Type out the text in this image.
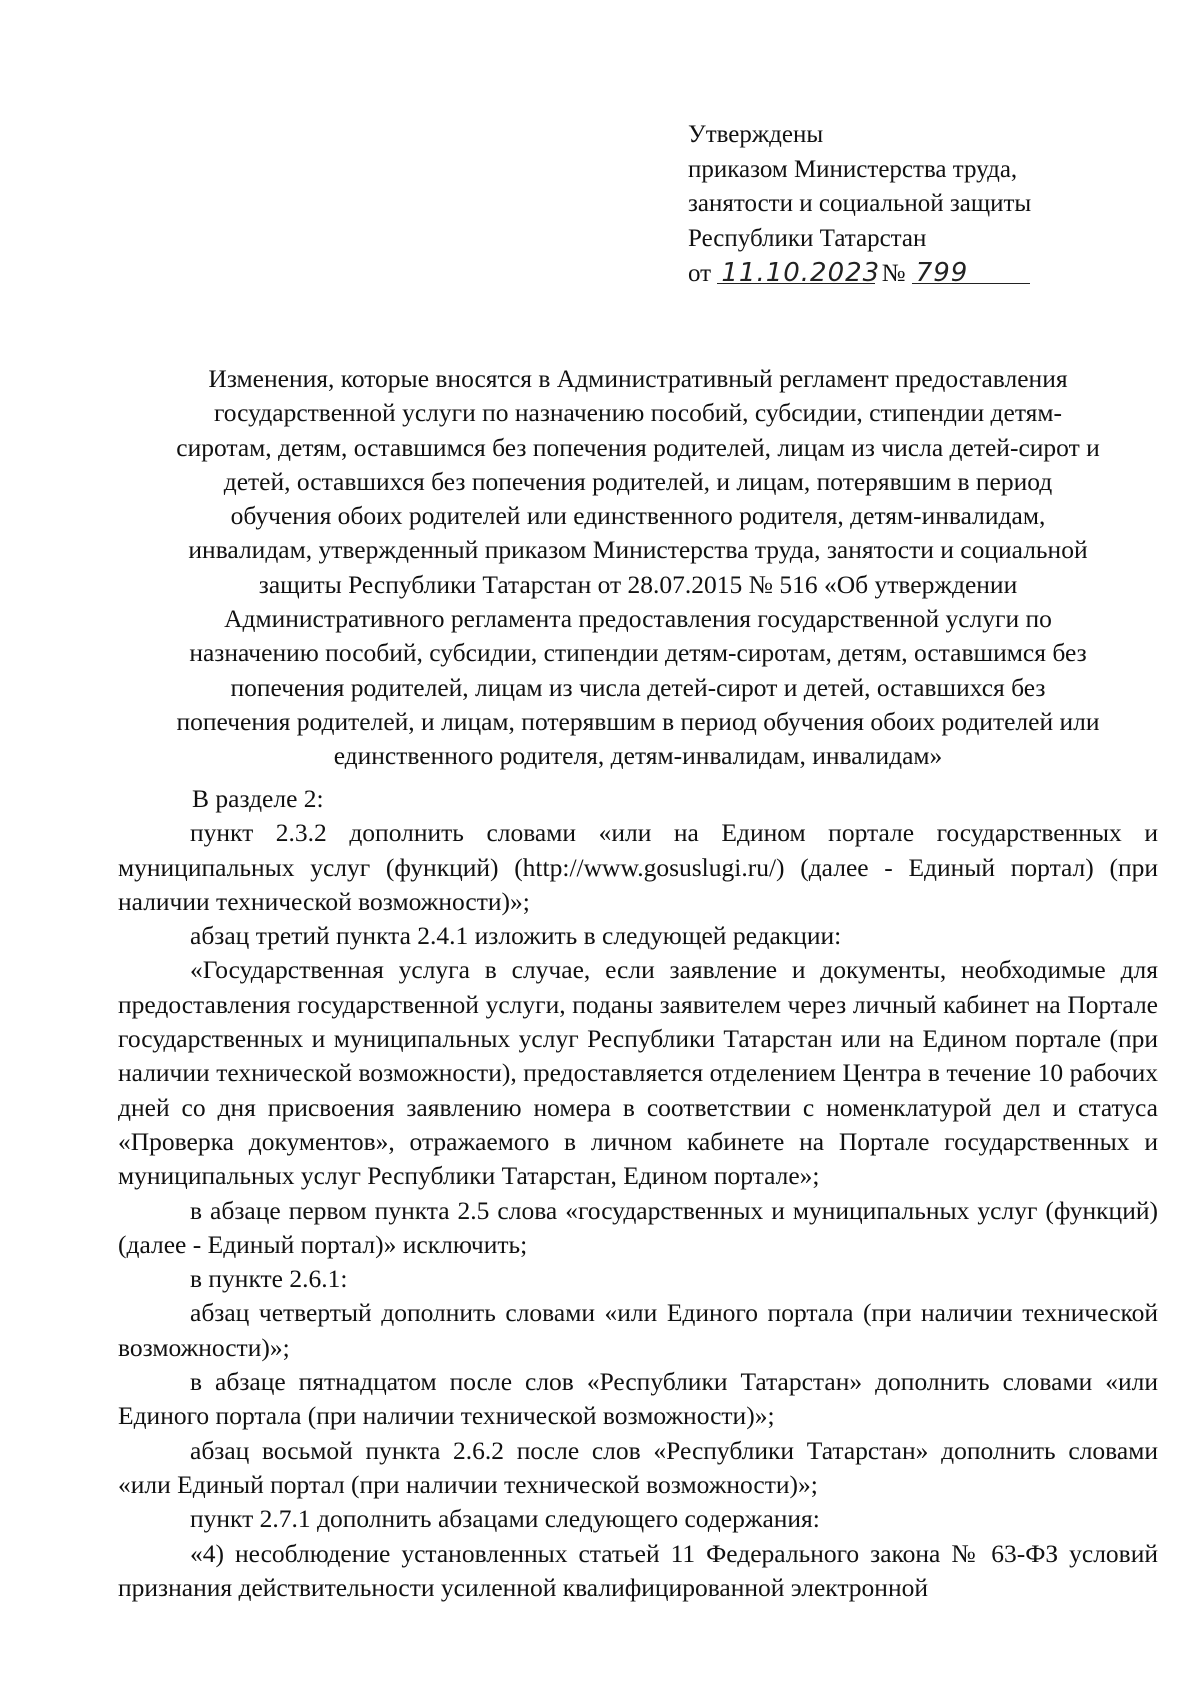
Утверждены
приказом Министерства труда,
занятости и социальной защиты
Республики Татарстан
от 11.10.2023 № 799
Изменения, которые вносятся в Административный регламент предоставления
государственной услуги по назначению пособий, субсидии, стипендии детям-
сиротам, детям, оставшимся без попечения родителей, лицам из числа детей-сирот и
детей, оставшихся без попечения родителей, и лицам, потерявшим в период
обучения обоих родителей или единственного родителя, детям-инвалидам,
инвалидам, утвержденный приказом Министерства труда, занятости и социальной
защиты Республики Татарстан от 28.07.2015 № 516 «Об утверждении
Административного регламента предоставления государственной услуги по
назначению пособий, субсидии, стипендии детям-сиротам, детям, оставшимся без
попечения родителей, лицам из числа детей-сирот и детей, оставшихся без
попечения родителей, и лицам, потерявшим в период обучения обоих родителей или
единственного родителя, детям-инвалидам, инвалидам»

В разделе 2:

пункт 2.3.2 дополнить словами «или на Едином портале государственных и муниципальных услуг (функций) (http://www.gosuslugi.ru/) (далее - Единый портал) (при наличии технической возможности)»;

абзац третий пункта 2.4.1 изложить в следующей редакции:

«Государственная услуга в случае, если заявление и документы, необходимые для предоставления государственной услуги, поданы заявителем через личный кабинет на Портале государственных и муниципальных услуг Республики Татарстан или на Едином портале (при наличии технической возможности), предоставляется отделением Центра в течение 10 рабочих дней со дня присвоения заявлению номера в соответствии с номенклатурой дел и статуса «Проверка документов», отражаемого в личном кабинете на Портале государственных и муниципальных услуг Республики Татарстан, Едином портале»;

в абзаце первом пункта 2.5 слова «государственных и муниципальных услуг (функций) (далее - Единый портал)» исключить;

в пункте 2.6.1:

абзац четвертый дополнить словами «или Единого портала (при наличии технической возможности)»;

в абзаце пятнадцатом после слов «Республики Татарстан» дополнить словами «или Единого портала (при наличии технической возможности)»;

абзац восьмой пункта 2.6.2 после слов «Республики Татарстан» дополнить словами «или Единый портал (при наличии технической возможности)»;

пункт 2.7.1 дополнить абзацами следующего содержания:

«4) несоблюдение установленных статьей 11 Федерального закона № 63-ФЗ условий признания действительности усиленной квалифицированной электронной
